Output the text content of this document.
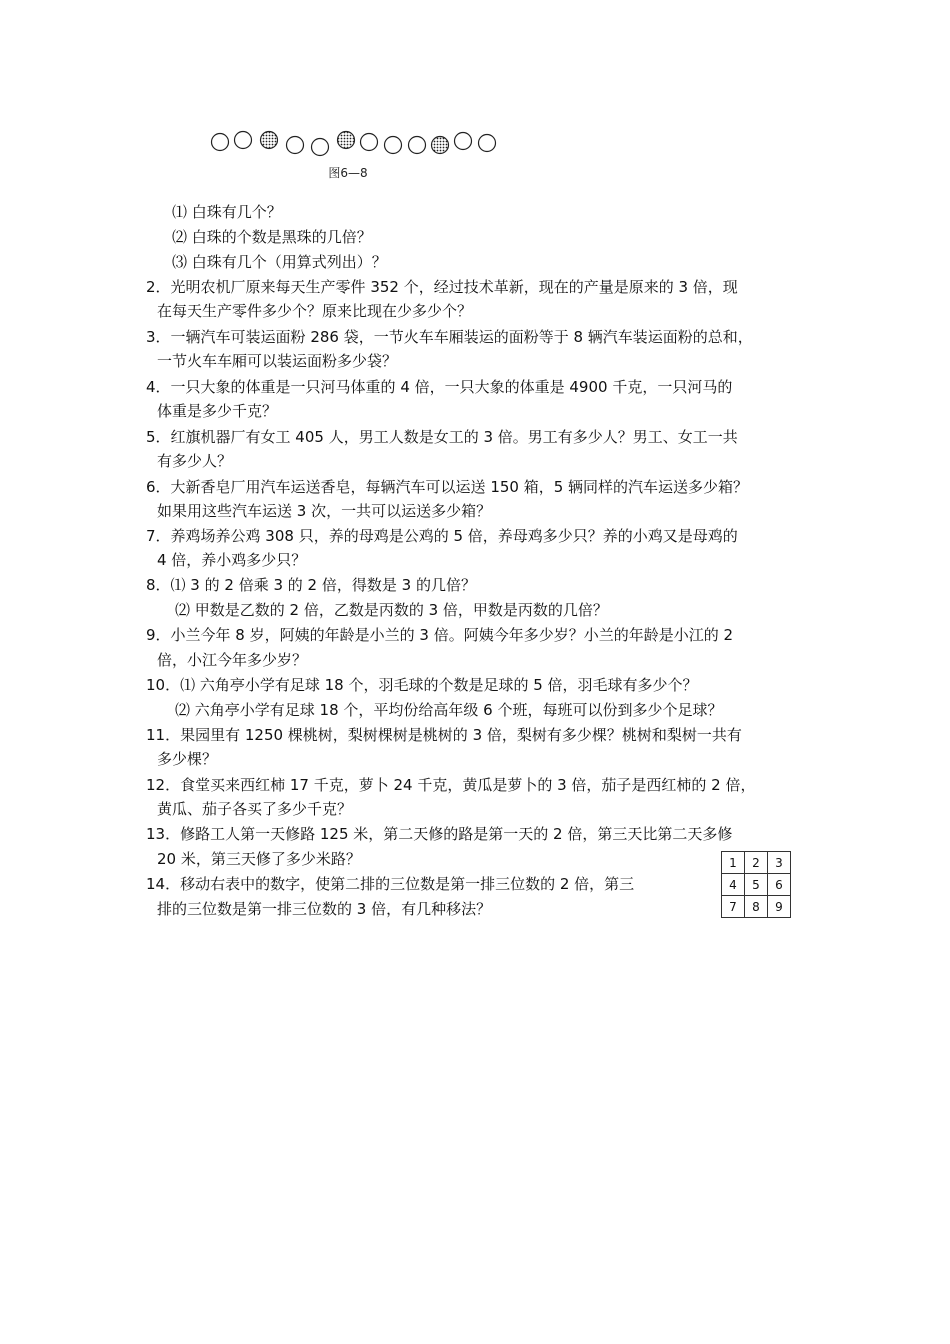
图6—8
⑴ 白珠有几个？
⑵ 白珠的个数是黑珠的几倍？
⑶ 白珠有几个（用算式列出）？
2．光明农机厂原来每天生产零件 352 个，经过技术革新，现在的产量是原来的 3 倍，现
在每天生产零件多少个？原来比现在少多少个？
3．一辆汽车可装运面粉 286 袋，一节火车车厢装运的面粉等于 8 辆汽车装运面粉的总和，
一节火车车厢可以装运面粉多少袋？
4．一只大象的体重是一只河马体重的 4 倍，一只大象的体重是 4900 千克，一只河马的
体重是多少千克？
5．红旗机器厂有女工 405 人，男工人数是女工的 3 倍。男工有多少人？男工、女工一共
有多少人？
6．大新香皂厂用汽车运送香皂，每辆汽车可以运送 150 箱，5 辆同样的汽车运送多少箱？
如果用这些汽车运送 3 次，一共可以运送多少箱？
7．养鸡场养公鸡 308 只，养的母鸡是公鸡的 5 倍，养母鸡多少只？养的小鸡又是母鸡的
4 倍，养小鸡多少只？
8．⑴ 3 的 2 倍乘 3 的 2 倍，得数是 3 的几倍？
⑵ 甲数是乙数的 2 倍，乙数是丙数的 3 倍，甲数是丙数的几倍？
9．小兰今年 8 岁，阿姨的年龄是小兰的 3 倍。阿姨今年多少岁？小兰的年龄是小江的 2
倍，小江今年多少岁？
10．⑴ 六角亭小学有足球 18 个，羽毛球的个数是足球的 5 倍，羽毛球有多少个？
⑵ 六角亭小学有足球 18 个，平均份给高年级 6 个班，每班可以份到多少个足球？
11．果园里有 1250 棵桃树，梨树棵树是桃树的 3 倍，梨树有多少棵？桃树和梨树一共有
多少棵？
12．食堂买来西红柿 17 千克，萝卜 24 千克，黄瓜是萝卜的 3 倍，茄子是西红柿的 2 倍，
黄瓜、茄子各买了多少千克？
13．修路工人第一天修路 125 米，第二天修的路是第一天的 2 倍，第三天比第二天多修
20 米，第三天修了多少米路？
14．移动右表中的数字，使第二排的三位数是第一排三位数的 2 倍，第三
排的三位数是第一排三位数的 3 倍，有几种移法？
1	2	3
4	5	6
7	8	9
